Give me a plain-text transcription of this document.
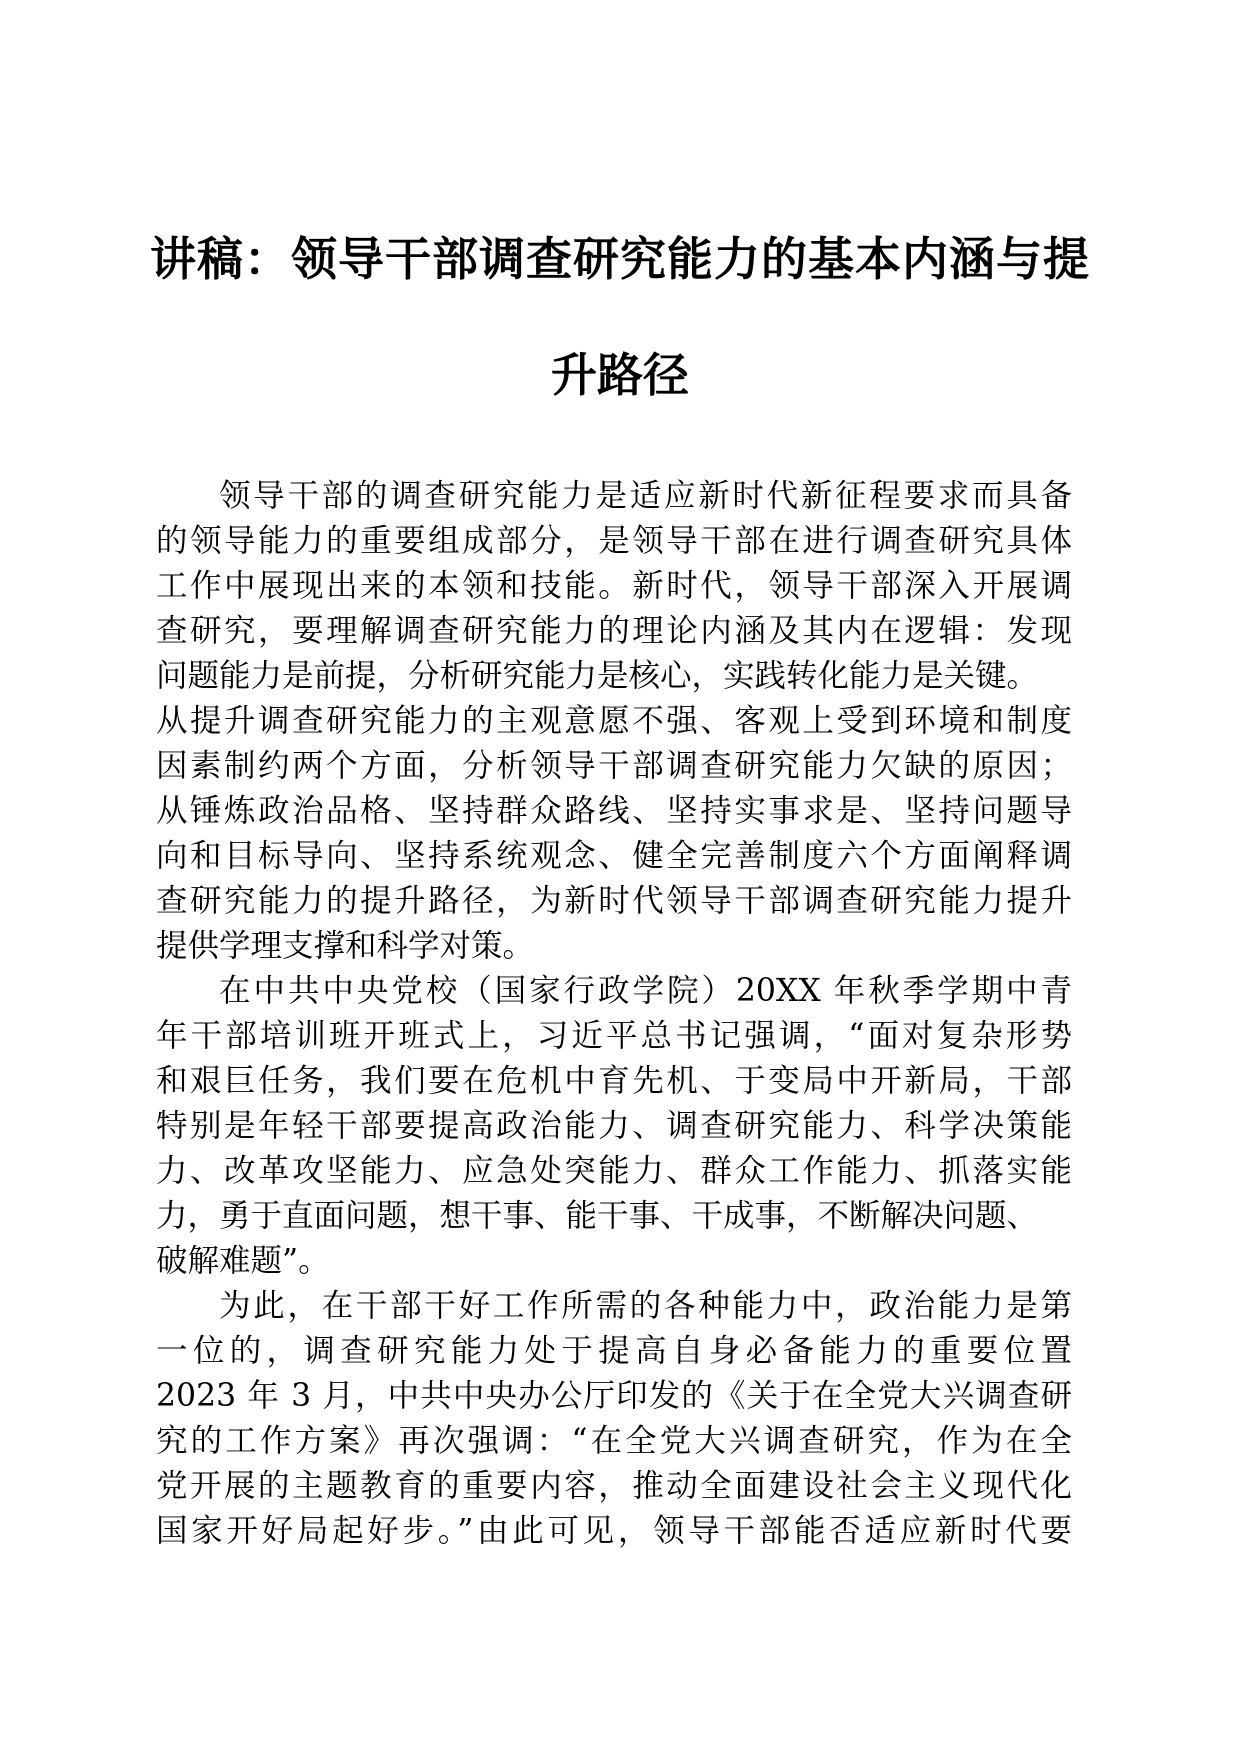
讲稿：领导干部调查研究能力的基本内涵与提
升路径
领导干部的调查研究能力是适应新时代新征程要求而具备
的领导能力的重要组成部分，是领导干部在进行调查研究具体
工作中展现出来的本领和技能。新时代，领导干部深入开展调
查研究，要理解调查研究能力的理论内涵及其内在逻辑：发现
问题能力是前提，分析研究能力是核心，实践转化能力是关键。
从提升调查研究能力的主观意愿不强、客观上受到环境和制度
因素制约两个方面，分析领导干部调查研究能力欠缺的原因；
从锤炼政治品格、坚持群众路线、坚持实事求是、坚持问题导
向和目标导向、坚持系统观念、健全完善制度六个方面阐释调
查研究能力的提升路径，为新时代领导干部调查研究能力提升
提供学理支撑和科学对策。
在中共中央党校（国家行政学院）20XX 年秋季学期中青
年干部培训班开班式上，习近平总书记强调，“面对复杂形势
和艰巨任务，我们要在危机中育先机、于变局中开新局，干部
特别是年轻干部要提高政治能力、调查研究能力、科学决策能
力、改革攻坚能力、应急处突能力、群众工作能力、抓落实能
力，勇于直面问题，想干事、能干事、干成事，不断解决问题、
破解难题”。
为此，在干部干好工作所需的各种能力中，政治能力是第
一位的，调查研究能力处于提高自身必备能力的重要位置
2023 年 3 月，中共中央办公厅印发的《关于在全党大兴调查研
究的工作方案》再次强调：“在全党大兴调查研究，作为在全
党开展的主题教育的重要内容，推动全面建设社会主义现代化
国家开好局起好步。”由此可见，领导干部能否适应新时代要
